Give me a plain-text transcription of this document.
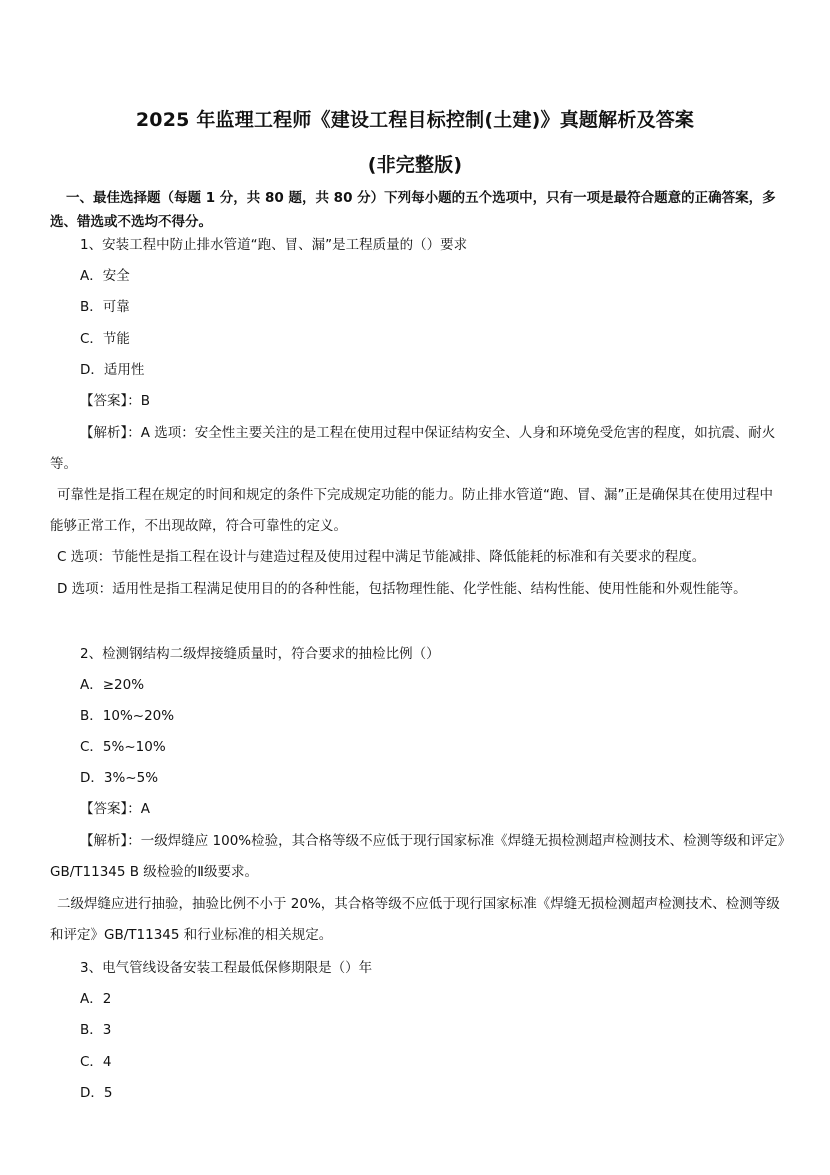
2025 年监理工程师《建设工程目标控制(土建)》真题解析及答案
(非完整版)
一、最佳选择题（每题 1 分，共 80 题，共 80 分）下列每小题的五个选项中，只有一项是最符合题意的正确答案，多选、错选或不选均不得分。
1、安装工程中防止排水管道“跑、冒、漏”是工程质量的（）要求
A．安全
B．可靠
C．节能
D．适用性
【答案】：B
【解析】：A 选项：安全性主要关注的是工程在使用过程中保证结构安全、人身和环境免受危害的程度，如抗震、耐火等。
可靠性是指工程在规定的时间和规定的条件下完成规定功能的能力。防止排水管道“跑、冒、漏”正是确保其在使用过程中能够正常工作，不出现故障，符合可靠性的定义。
C 选项：节能性是指工程在设计与建造过程及使用过程中满足节能减排、降低能耗的标准和有关要求的程度。
D 选项：适用性是指工程满足使用目的的各种性能，包括物理性能、化学性能、结构性能、使用性能和外观性能等。
2、检测钢结构二级焊接缝质量时，符合要求的抽检比例（）
A．≥20%
B．10%~20%
C．5%~10%
D．3%~5%
【答案】：A
【解析】：一级焊缝应 100%检验，其合格等级不应低于现行国家标准《焊缝无损检测超声检测技术、检测等级和评定》GB/T11345 B 级检验的Ⅱ级要求。
二级焊缝应进行抽验，抽验比例不小于 20%，其合格等级不应低于现行国家标准《焊缝无损检测超声检测技术、检测等级和评定》GB/T11345 和行业标准的相关规定。
3、电气管线设备安装工程最低保修期限是（）年
A．2
B．3
C．4
D．5
